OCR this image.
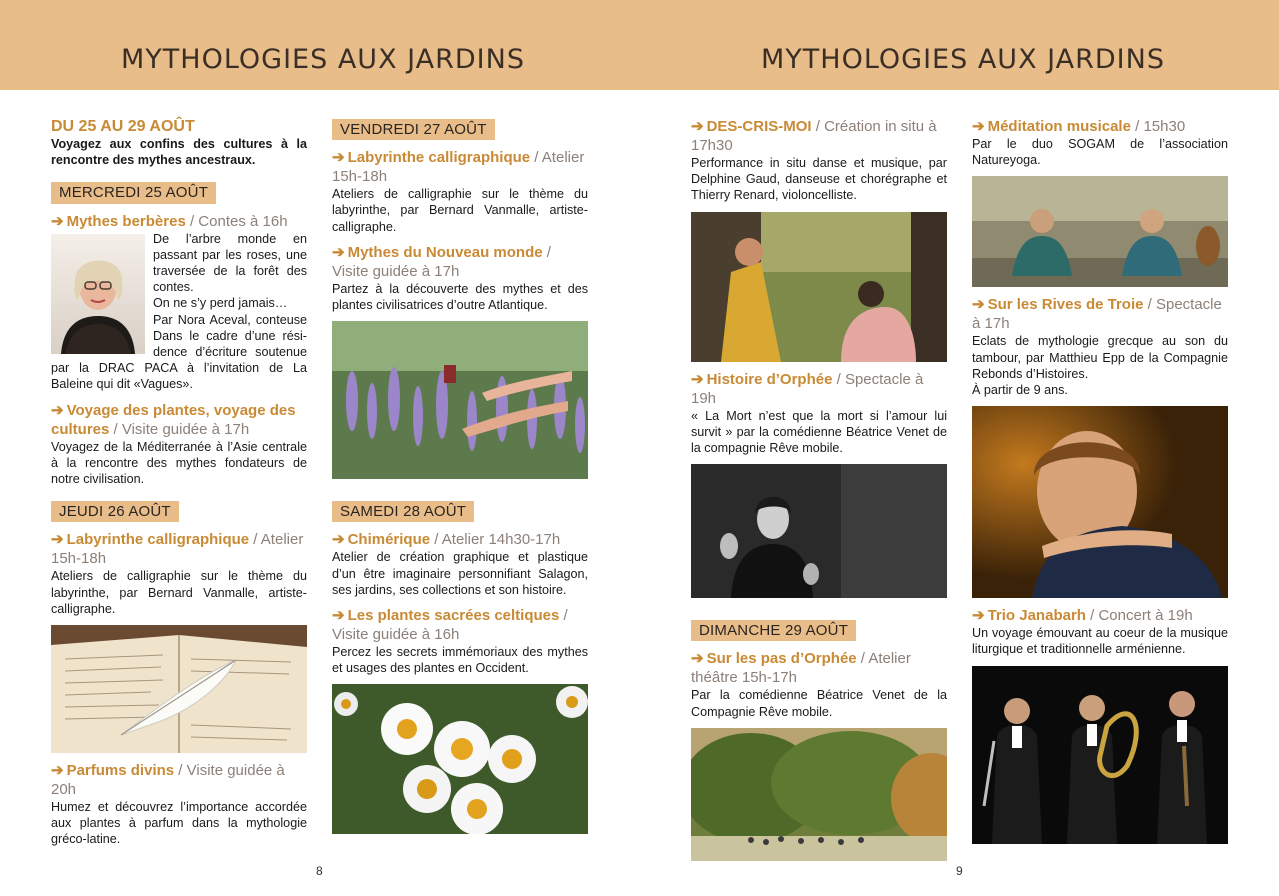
MYTHOLOGIES AUX JARDINS	MYTHOLOGIES AUX JARDINS

DU 25 AU 29 AOÛT

Voyagez aux confins des cultures à la rencontre des mythes ancestraux.

MERCREDI 25 AOÛT
➔ Mythes berbères / Contes à 16h

De l’arbre monde en passant par les roses, une traversée de la forêt des contes.

On ne s’y perd jamais…

Par Nora Aceval, conteuse Dans le cadre d’une rési-dence d’écriture soutenue par la DRAC PACA à l’invitation de La Baleine qui dit «Vagues».

➔ Voyage des plantes, voyage des cultures / Visite guidée à 17h

Voyagez de la Méditerranée à l’Asie centrale à la rencontre des mythes fondateurs de notre civilisation.

JEUDI 26 AOÛT
➔ Labyrinthe calligraphique / Atelier 15h-18h

Ateliers de calligraphie sur le thème du labyrinthe, par Bernard Vanmalle, artiste-calligraphe.

➔ Parfums divins / Visite guidée à 20h

Humez et découvrez l’importance accordée aux plantes à parfum dans la mythologie gréco-latine.

VENDREDI 27 AOÛT
➔ Labyrinthe calligraphique / Atelier 15h-18h

Ateliers de calligraphie sur le thème du labyrinthe, par Bernard Vanmalle, artiste-calligraphe.

➔ Mythes du Nouveau monde / Visite guidée à 17h

Partez à la découverte des mythes et des plantes civilisatrices d’outre Atlantique.

SAMEDI 28 AOÛT
➔ Chimérique / Atelier 14h30-17h

Atelier de création graphique et plastique d’un être imaginaire personnifiant Salagon, ses jardins, ses collections et son histoire.

➔ Les plantes sacrées celtiques / Visite guidée à 16h

Percez les secrets immémoriaux des mythes et usages des plantes en Occident.

➔ DES-CRIS-MOI / Création in situ à 17h30

Performance in situ danse et musique, par Delphine Gaud, danseuse et chorégraphe et Thierry Renard, violoncelliste.

➔ Histoire d’Orphée / Spectacle à 19h

« La Mort n’est que la mort si l’amour lui survit » par la comédienne Béatrice Venet de la compagnie Rêve mobile.

DIMANCHE 29 AOÛT
➔ Sur les pas d’Orphée / Atelier théâtre 15h-17h

Par la comédienne Béatrice Venet de la Compagnie Rêve mobile.

➔ Méditation musicale / 15h30

Par le duo SOGAM de l’association Natureyoga.

➔ Sur les Rives de Troie / Spectacle à 17h

Eclats de mythologie grecque au son du tambour, par Matthieu Epp de la Compagnie Rebonds d’Histoires.

À partir de 9 ans.

➔ Trio Janabarh / Concert à 19h

Un voyage émouvant au coeur de la musique liturgique et traditionnelle arménienne.

8	9
